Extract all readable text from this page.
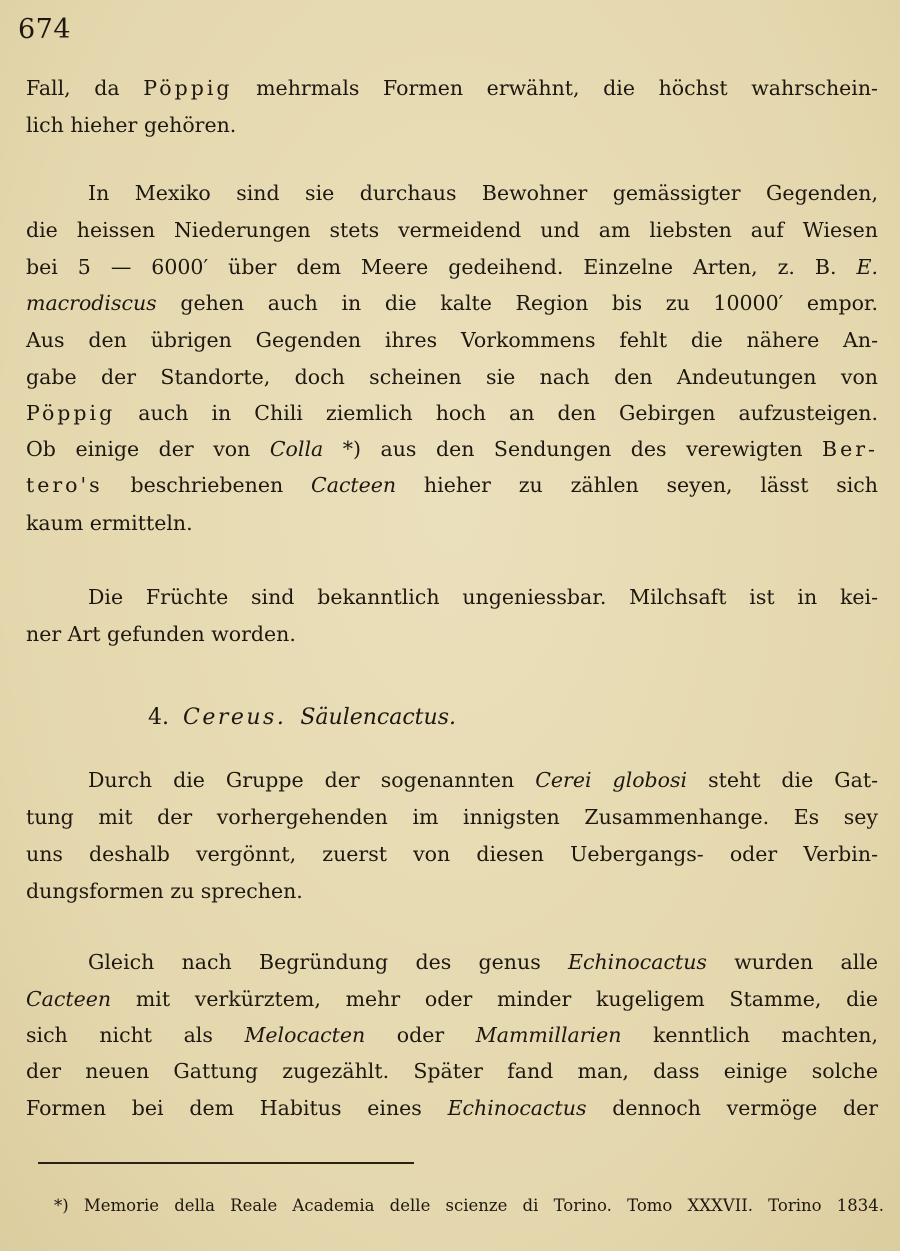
674
Fall, da Pöppig mehrmals Formen erwähnt, die höchst wahrschein-
lich hieher gehören.
In Mexiko sind sie durchaus Bewohner gemässigter Gegenden,
die heissen Niederungen stets vermeidend und am liebsten auf Wiesen
bei 5 — 6000′ über dem Meere gedeihend. Einzelne Arten, z. B. E.
macrodiscus gehen auch in die kalte Region bis zu 10000′ empor.
Aus den übrigen Gegenden ihres Vorkommens fehlt die nähere An-
gabe der Standorte, doch scheinen sie nach den Andeutungen von
Pöppig auch in Chili ziemlich hoch an den Gebirgen aufzusteigen.
Ob einige der von Colla *) aus den Sendungen des verewigten Ber-
tero's beschriebenen Cacteen hieher zu zählen seyen, lässt sich
kaum ermitteln.
Die Früchte sind bekanntlich ungeniessbar. Milchsaft ist in kei-
ner Art gefunden worden.
4. Cereus. Säulencactus.
Durch die Gruppe der sogenannten Cerei globosi steht die Gat-
tung mit der vorhergehenden im innigsten Zusammenhange. Es sey
uns deshalb vergönnt, zuerst von diesen Uebergangs- oder Verbin-
dungsformen zu sprechen.
Gleich nach Begründung des genus Echinocactus wurden alle
Cacteen mit verkürztem, mehr oder minder kugeligem Stamme, die
sich nicht als Melocacten oder Mammillarien kenntlich machten,
der neuen Gattung zugezählt. Später fand man, dass einige solche
Formen bei dem Habitus eines Echinocactus dennoch vermöge der
*) Memorie della Reale Academia delle scienze di Torino. Tomo XXXVII. Torino 1834.
